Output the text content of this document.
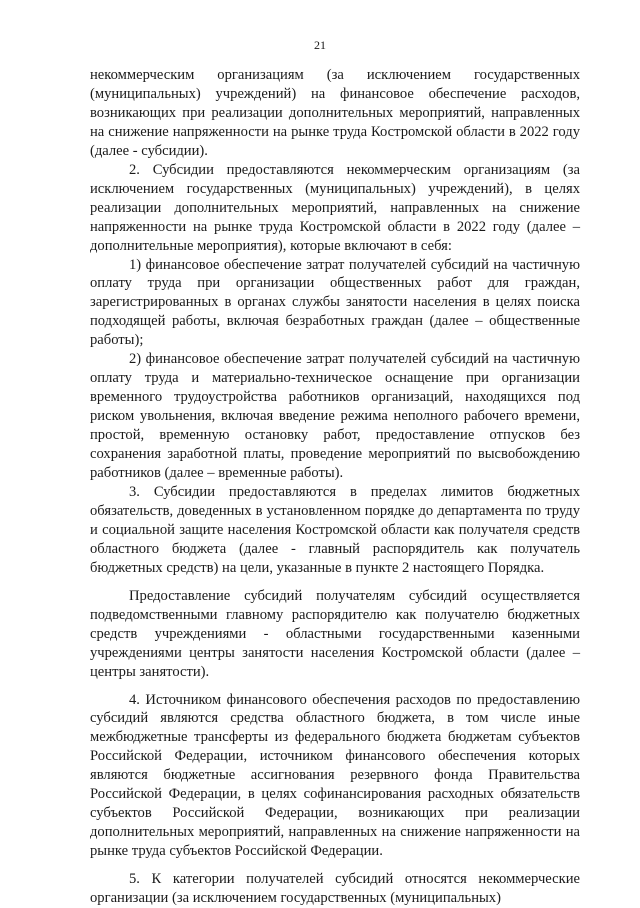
21

некоммерческим организациям (за исключением государственных (муниципальных) учреждений) на финансовое обеспечение расходов, возникающих при реализации дополнительных мероприятий, направленных на снижение напряженности на рынке труда Костромской области в 2022 году (далее - субсидии).

2. Субсидии предоставляются некоммерческим организациям (за исключением государственных (муниципальных) учреждений), в целях реализации дополнительных мероприятий, направленных на снижение напряженности на рынке труда Костромской области в 2022 году (далее – дополнительные мероприятия), которые включают в себя:

1) финансовое обеспечение затрат получателей субсидий на частичную оплату труда при организации общественных работ для граждан, зарегистрированных в органах службы занятости населения в целях поиска подходящей работы, включая безработных граждан (далее – общественные работы);

2) финансовое обеспечение затрат получателей субсидий на частичную оплату труда и материально-техническое оснащение при организации временного трудоустройства работников организаций, находящихся под риском увольнения, включая введение режима неполного рабочего времени, простой, временную остановку работ, предоставление отпусков без сохранения заработной платы, проведение мероприятий по высвобождению работников (далее – временные работы).

3. Субсидии предоставляются в пределах лимитов бюджетных обязательств, доведенных в установленном порядке до департамента по труду и социальной защите населения Костромской области как получателя средств областного бюджета (далее - главный распорядитель как получатель бюджетных средств) на цели, указанные в пункте 2 настоящего Порядка.

Предоставление субсидий получателям субсидий осуществляется подведомственными главному распорядителю как получателю бюджетных средств учреждениями - областными государственными казенными учреждениями центры занятости населения Костромской области (далее – центры занятости).

4. Источником финансового обеспечения расходов по предоставлению субсидий являются средства областного бюджета, в том числе иные межбюджетные трансферты из федерального бюджета бюджетам субъектов Российской Федерации, источником финансового обеспечения которых являются бюджетные ассигнования резервного фонда Правительства Российской Федерации, в целях софинансирования расходных обязательств субъектов Российской Федерации, возникающих при реализации дополнительных мероприятий, направленных на снижение напряженности на рынке труда субъектов Российской Федерации.

5. К категории получателей субсидий относятся некоммерческие организации (за исключением государственных (муниципальных)
